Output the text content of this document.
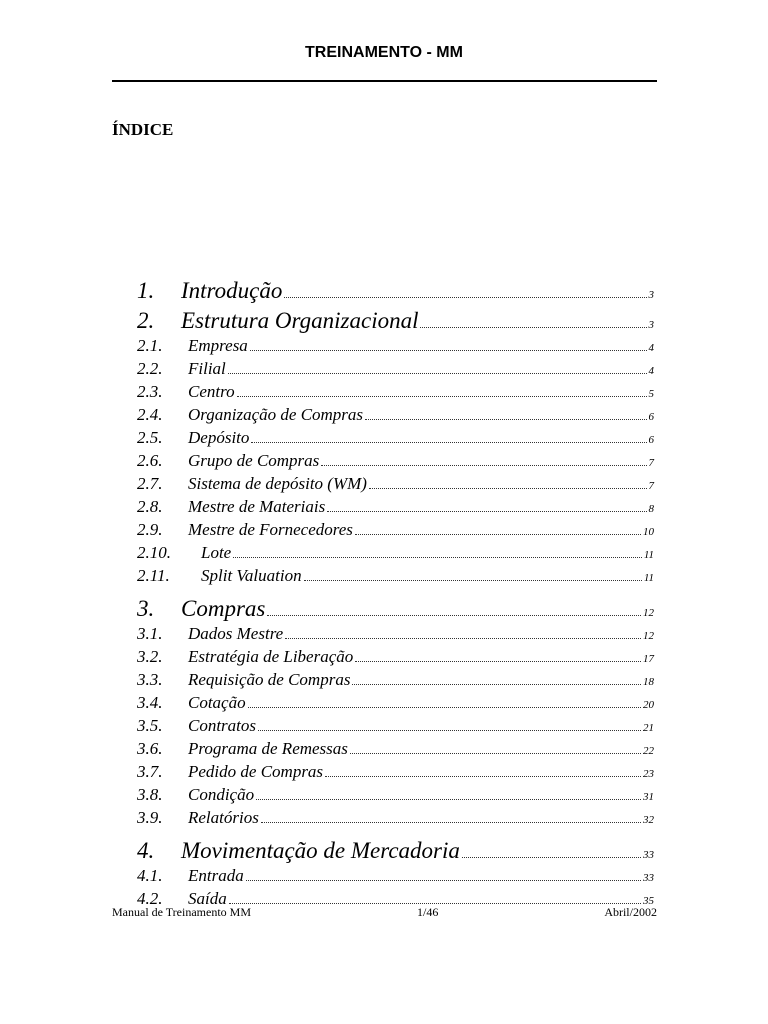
TREINAMENTO - MM
ÍNDICE
1.	Introdução	3
2.	Estrutura Organizacional	3
2.1.	Empresa	4
2.2.	Filial	4
2.3.	Centro	5
2.4.	Organização de Compras	6
2.5.	Depósito	6
2.6.	Grupo de Compras	7
2.7.	Sistema de depósito (WM)	7
2.8.	Mestre de Materiais	8
2.9.	Mestre de Fornecedores	10
2.10.	Lote	11
2.11.	Split Valuation	11
3.	Compras	12
3.1.	Dados Mestre	12
3.2.	Estratégia de Liberação	17
3.3.	Requisição de Compras	18
3.4.	Cotação	20
3.5.	Contratos	21
3.6.	Programa de Remessas	22
3.7.	Pedido de Compras	23
3.8.	Condição	31
3.9.	Relatórios	32
4.	Movimentação de Mercadoria	33
4.1.	Entrada	33
4.2.	Saída	35
Manual de Treinamento MM	1/46	Abril/2002
